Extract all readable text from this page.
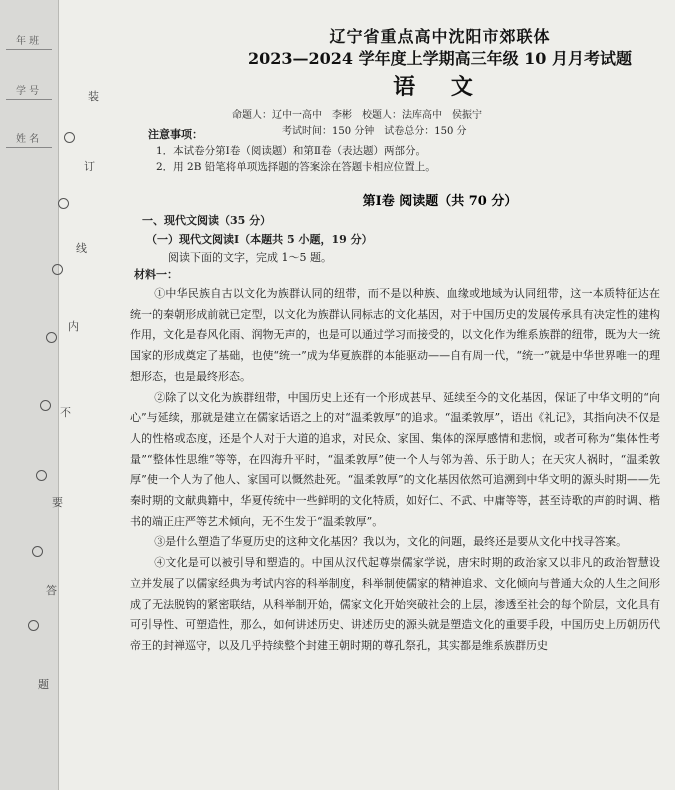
年 班
学 号
姓 名
装
订
线
内
不
要
答
题
辽宁省重点高中沈阳市郊联体
2023—2024 学年度上学期高三年级 10 月月考试题
语 文
命题人：辽中一高中　李彬　校题人：法库高中　侯振宁
考试时间：150 分钟　试卷总分：150 分
注意事项：
1．本试卷分第Ⅰ卷（阅读题）和第Ⅱ卷（表达题）两部分。
2．用 2B 铅笔将单项选择题的答案涂在答题卡相应位置上。
第Ⅰ卷 阅读题（共 70 分）
一、现代文阅读（35 分）
（一）现代文阅读Ⅰ（本题共 5 小题，19 分）
阅读下面的文字，完成 1～5 题。
材料一：

①中华民族自古以文化为族群认同的纽带，而不是以种族、血缘或地域为认同纽带，这一本质特征达在统一的秦朝形成前就已定型，以文化为族群认同标志的文化基因，对于中国历史的发展传承具有决定性的建构作用，文化是春风化雨、润物无声的，也是可以通过学习而接受的，以文化作为维系族群的纽带，既为大一统国家的形成奠定了基础，也使“统一”成为华夏族群的本能驱动——自有周一代，“统一”就是中华世界唯一的理想形态，也是最终形态。

②除了以文化为族群纽带，中国历史上还有一个形成甚早、延续至今的文化基因，保证了中华文明的“向心”与延续，那就是建立在儒家话语之上的对“温柔敦厚”的追求。“温柔敦厚”，语出《礼记》，其指向决不仅是人的性格或态度，还是个人对于大道的追求，对民众、家国、集体的深厚感情和悲悯，或者可称为“集体性考量”“整体性思维”等等，在四海升平时，“温柔敦厚”使一个人与邻为善、乐于助人；在天灾人祸时，“温柔敦厚”使一个人为了他人、家国可以慨然赴死。“温柔敦厚”的文化基因依然可追溯到中华文明的源头时期——先秦时期的文献典籍中，华夏传统中一些鲜明的文化特质，如好仁、不武、中庸等等，甚至诗歌的声韵时调、楷书的端正庄严等艺术倾向，无不生发于“温柔敦厚”。

③是什么塑造了华夏历史的这种文化基因？我以为，文化的问题，最终还是要从文化中找寻答案。

④文化是可以被引导和塑造的。中国从汉代起尊崇儒家学说，唐宋时期的政治家又以非凡的政治智慧设立并发展了以儒家经典为考试内容的科举制度，科举制使儒家的精神追求、文化倾向与普通大众的人生之间形成了无法脱钩的紧密联结，从科举制开始，儒家文化开始突破社会的上层，渗透至社会的每个阶层，文化具有可引导性、可塑造性，那么，如何讲述历史、讲述历史的源头就是塑造文化的重要手段，中国历史上历朝历代帝王的封禅巡守，以及几乎持续整个封建王朝时期的尊孔祭孔，其实都是维系族群历史
